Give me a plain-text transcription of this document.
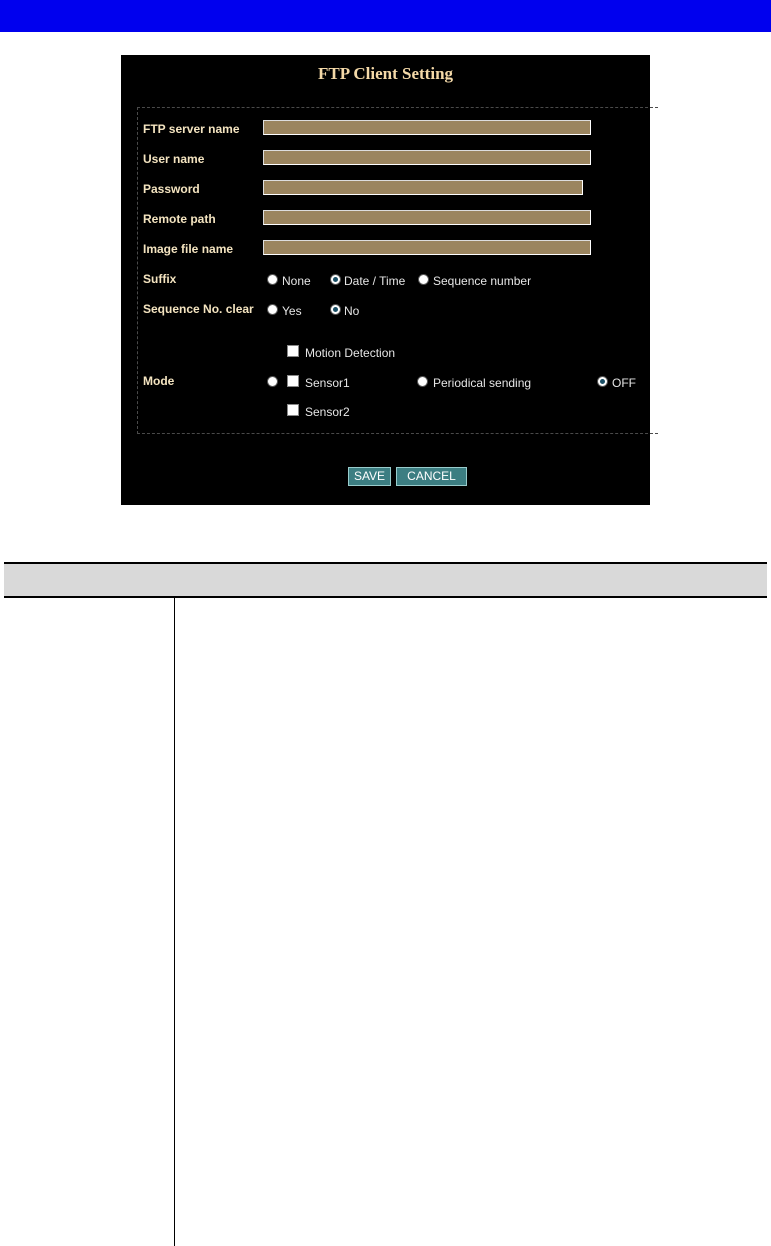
FTP Client Setting
FTP server name
User name
Password
Remote path
Image file name
Suffix	None	Date / Time Sequence number
Sequence No. clear Yes	No
Mode
Motion Detection
Sensor1	Periodical sending	OFF
Sensor2
SAVE	CANCEL
